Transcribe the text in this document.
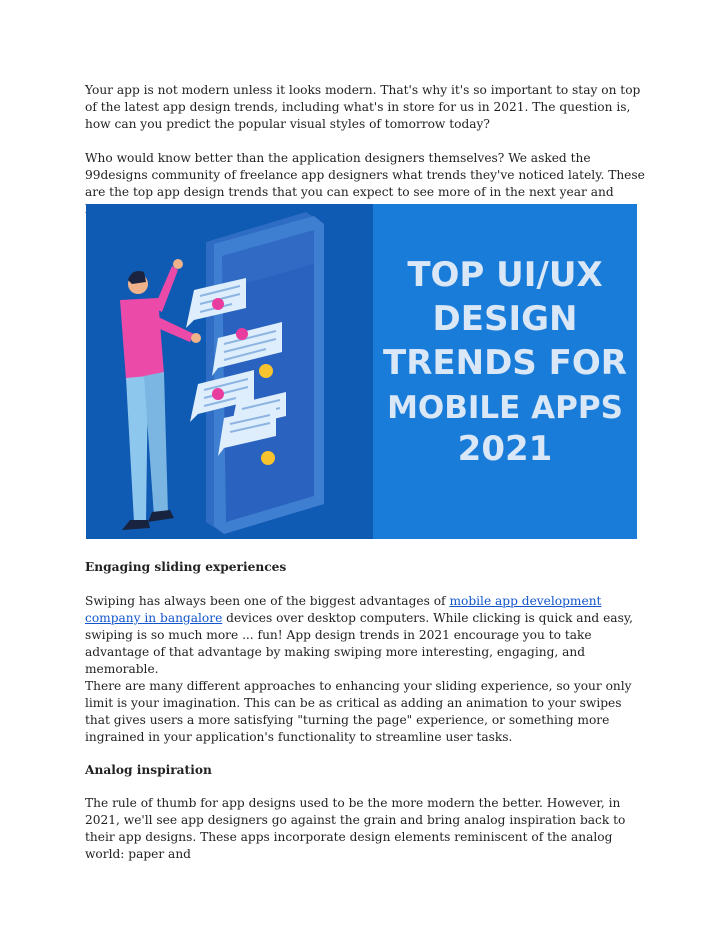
Your app is not modern unless it looks modern. That's why it's so important to stay on top of the latest app design trends, including what's in store for us in 2021. The question is, how can you predict the popular visual styles of tomorrow today?

Who would know better than the application designers themselves? We asked the 99designs community of freelance app designers what trends they've noticed lately. These are the top app design trends that you can expect to see more of in the next year and

TOP UI/UX
DESIGN
TRENDS FOR
MOBILE APPS
2021

Engaging sliding experiences

Swiping has always been one of the biggest advantages of mobile app development company in bangalore devices over desktop computers. While clicking is quick and easy, swiping is so much more ... fun! App design trends in 2021 encourage you to take advantage of that advantage by making swiping more interesting, engaging, and memorable.

There are many different approaches to enhancing your sliding experience, so your only limit is your imagination. This can be as critical as adding an animation to your swipes that gives users a more satisfying "turning the page" experience, or something more ingrained in your application's functionality to streamline user tasks.

Analog inspiration

The rule of thumb for app designs used to be the more modern the better. However, in 2021, we'll see app designers go against the grain and bring analog inspiration back to their app designs. These apps incorporate design elements reminiscent of the analog world: paper and
